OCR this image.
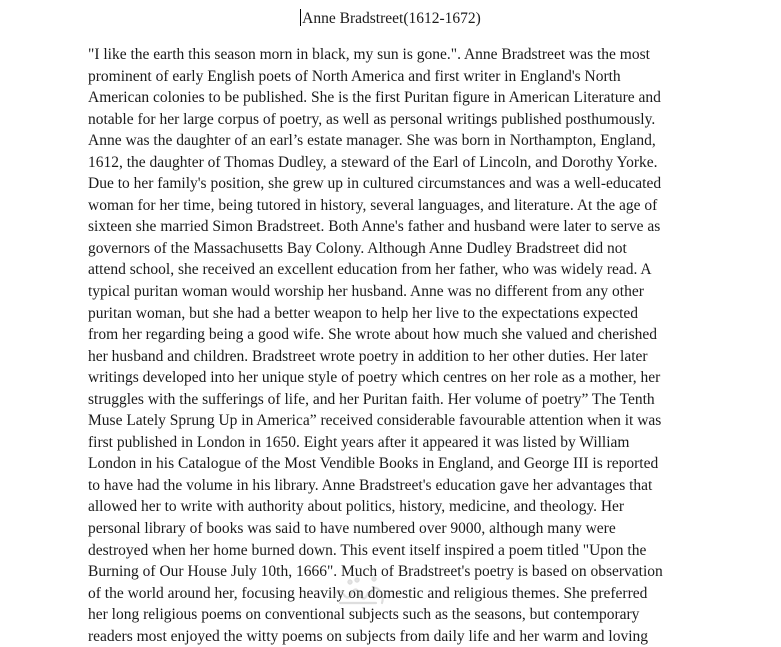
Anne Bradstreet(1612-1672)
"I like the earth this season morn in black, my sun is gone.". Anne Bradstreet was the most
prominent of early English poets of North America and first writer in England's North
American colonies to be published. She is the first Puritan figure in American Literature and
notable for her large corpus of poetry, as well as personal writings published posthumously.
Anne was the daughter of an earl’s estate manager. She was born in Northampton, England,
1612, the daughter of Thomas Dudley, a steward of the Earl of Lincoln, and Dorothy Yorke.
Due to her family's position, she grew up in cultured circumstances and was a well-educated
woman for her time, being tutored in history, several languages, and literature. At the age of
sixteen she married Simon Bradstreet. Both Anne's father and husband were later to serve as
governors of the Massachusetts Bay Colony. Although Anne Dudley Bradstreet did not
attend school, she received an excellent education from her father, who was widely read. A
typical puritan woman would worship her husband. Anne was no different from any other
puritan woman, but she had a better weapon to help her live to the expectations expected
from her regarding being a good wife. She wrote about how much she valued and cherished
her husband and children. Bradstreet wrote poetry in addition to her other duties. Her later
writings developed into her unique style of poetry which centres on her role as a mother, her
struggles with the sufferings of life, and her Puritan faith. Her volume of poetry” The Tenth
Muse Lately Sprung Up in America” received considerable favourable attention when it was
first published in London in 1650. Eight years after it appeared it was listed by William
London in his Catalogue of the Most Vendible Books in England, and George III is reported
to have had the volume in his library. Anne Bradstreet's education gave her advantages that
allowed her to write with authority about politics, history, medicine, and theology. Her
personal library of books was said to have numbered over 9000, although many were
destroyed when her home burned down. This event itself inspired a poem titled "Upon the
Burning of Our House July 10th, 1666". Much of Bradstreet's poetry is based on observation
of the world around her, focusing heavily on domestic and religious themes. She preferred
her long religious poems on conventional subjects such as the seasons, but contemporary
readers most enjoyed the witty poems on subjects from daily life and her warm and loving
